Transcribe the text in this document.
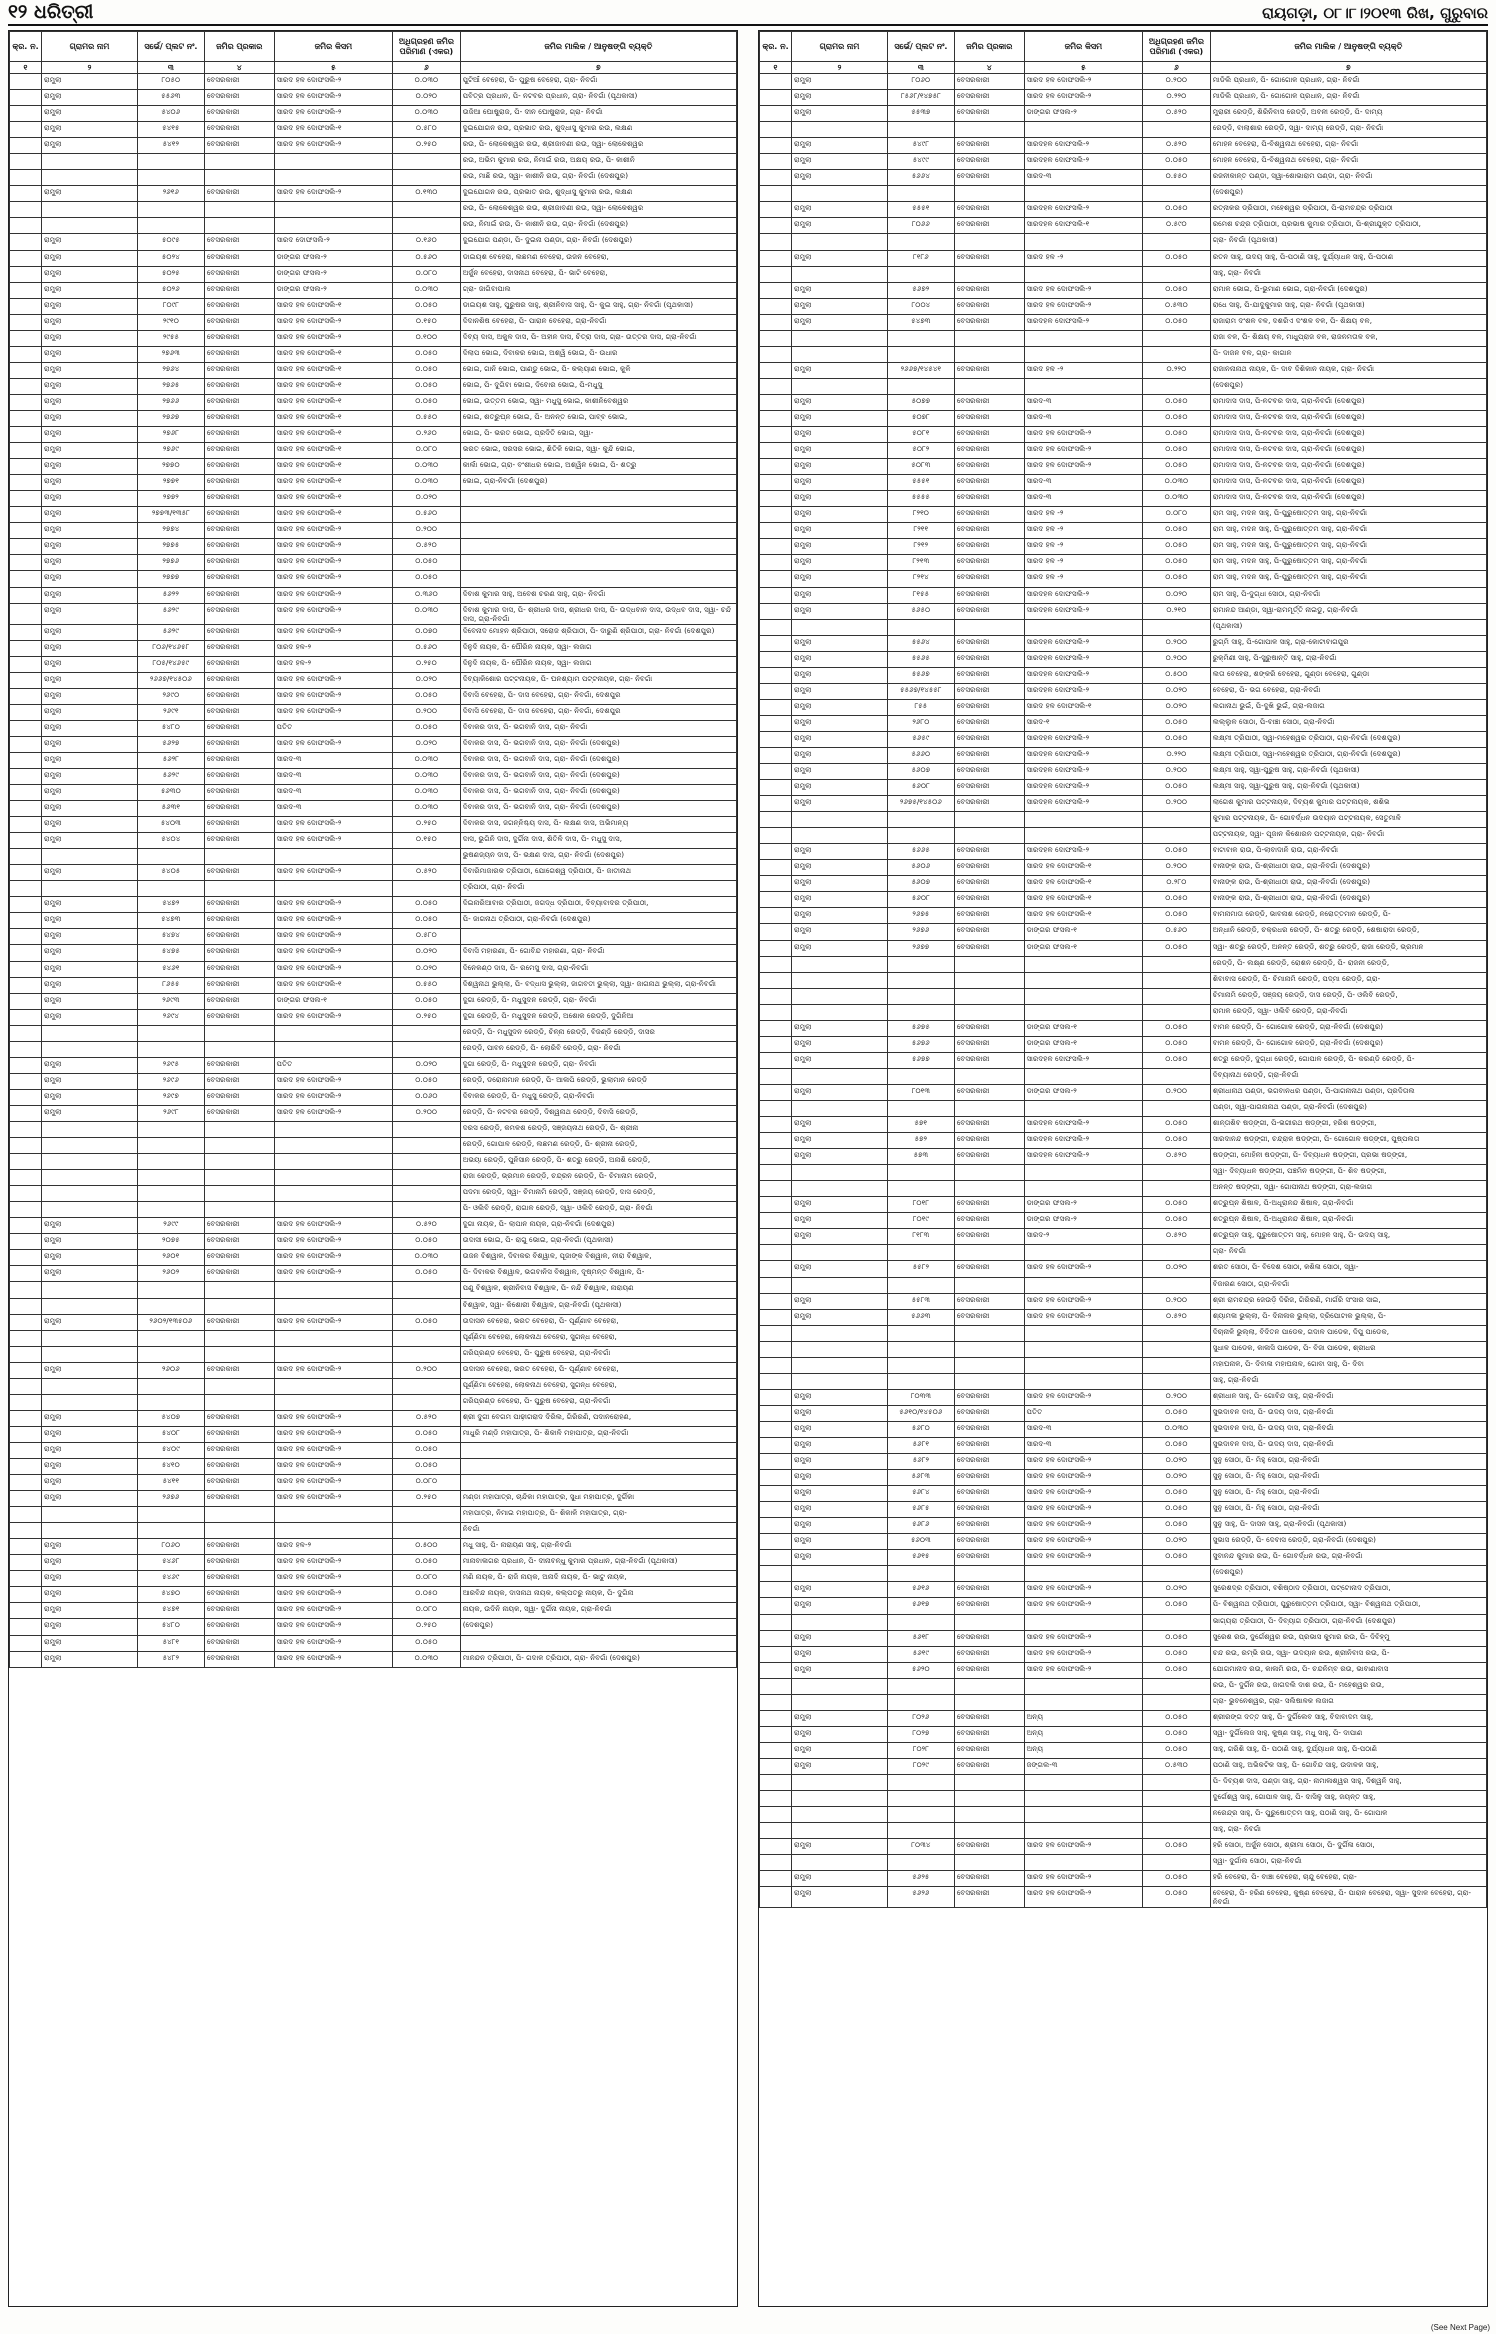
୧୨ ଧରିତ୍ରୀ	ରାୟଗଡ଼ା, ୦୮।୮।୨୦୧୩ ରିଖ, ଗୁରୁବାର
କ୍ର. ନ.	ଗ୍ରାମର ନାମ	ସର୍ଭେ/ ପ୍ଲଟ ନଂ.	ଜମିର ପ୍ରକାର	ଜମିର କିସମ	ଅଧିଗ୍ରହଣ ଜମିର ପରିମାଣ (ଏକର)	ଜମିର ମାଲିକ / ଆନୁଷଙ୍ଗି ବ୍ୟକ୍ତି
୧	୨	୩	୪	୫	୬	୭
	ରାମୁଲା	୮୦୫୦	ବେସରକାରୀ	ସାରଦ ହଳ ଦୋଫସଲି-୨	୦.୦୩୦	ପୁଟିଆଁ ବେହେରା, ପି- ପୁରୁଷ ବେହେରା, ଗ୍ରା- ନିବଗାଁ
	ରାମୁଲା	୫୫୬୩	ବେସରକାରୀ	ସାରଦ ହଳ ଦୋଫସଲି-୨	୦.୦୨୦	ପବିତ୍ର ପ୍ରଧାନ, ପି- ନଟବର ପ୍ରଧାନ, ଗ୍ରା- ନିବଗାଁ (ପୃଥକାସୀ)
	ରାମୁଲା	୫୪୦୬	ବେସରକାରୀ	ସାରଦ ହଳ ଦୋଫସଲି-୨	୦.୦୩୦	ଉଜିଆ ଘୋଷୁରାଜ, ପି- ଦୀନ ଘୋଷୁରାଜ, ଗ୍ରା- ନିବଗାଁ
	ରାମୁଲା	୫୪୧୫	ବେସରକାରୀ	ସାରଦ ହଳ ଦୋଫସଲି-୧	୦.୫୮୦	ଦୁଇଯୋଗନ ରଉ, ପ୍ରଭାତ ରଉ, ଶୁଦ୍ଧାସୁ କୁମାର ରଉ, ଲକ୍ଷଣ
	ରାମୁଲା	୫୪୧୨	ବେସରକାରୀ	ସାରଦ ହଳ ଦୋଫସଲି-୨	୦.୨୫୦	ରଉ, ପି- ଲୋକେଶ୍ୱର ରଉ, ଶ୍ରୀଜାବଣୀ ରଉ, ସ୍ୱା- ଲୋକେଶ୍ୱର
						ରଉ, ଅଭିମ କୁମାର ରଉ, ନିମାଇଁ ରଉ, ଅକ୍ଷୟ ରଉ, ପି- କାଶୀନି
						ରଉ, ମାଛି ରଉ, ସ୍ୱା- କାଶୀନି ରଉ, ଗ୍ରା- ନିବଗାଁ (ଦେଶପୁର)
	ରାମୁଲା	୨୬୧୬	ବେସରକାରୀ	ସାରଦ ହଳ ଦୋଫସଲି-୨	୦.୧୩୦	ଦୁଇଯୋଗନ ରଉ, ପ୍ରଭାତ ରଉ, ଶୁଦ୍ଧାସୁ କୁମାର ରଉ, ଲକ୍ଷଣ
						ରଉ, ପି- ଲୋକେଶ୍ୱର ରଉ, ଶ୍ରୀଜାବଣୀ ରଉ, ସ୍ୱା- ଲୋକେଶ୍ୱର
						ରଉ, ନିମାଇଁ ରଉ, ପି- କାଶୀନି ରଉ, ଗ୍ରା- ନିବଗାଁ (ଦେଶପୁର)
	ରାମୁଲା	୫୦୯୫	ବେସରକାରୀ	ସାରଦ ଦୋଫସଲି-୨	୦.୧୬୦	ଦୁଇଯୋଗ ପଣ୍ଡା, ପି- ଦୁଇନା ପଣ୍ଡା, ଗ୍ରା- ନିବଗାଁ (ଦେଶପୁର)
	ରାମୁଲା	୫୦୨୪	ବେସରକାରୀ	ଡାଙ୍ଗର ଫସଲ-୨	୦.୫୬୦	ଡାଇୟଶ ବେହେରା, ଲଛମଣ ବେହେରା, ଉଜନ ବେହେରା,
	ରାମୁଲା	୫୦୨୫	ବେସରକାରୀ	ଡାଙ୍ଗର ଫସଲ-୨	୦.୦୮୦	ଅର୍ଜୁନ ବେହେରା, ଦାସନାଥ ବେହେରା, ପି- ଭାଟି ବେହେରା,
	ରାମୁଲା	୫୦୨୬	ବେସରକାରୀ	ଡାଙ୍ଗର ଫସଲ-୨	୦.୦୩୦	ଗ୍ରା- ଜାଗିବାପାଲ
	ରାମୁଲା	୮୦୯୮	ବେସରକାରୀ	ସାରଦ ହଳ ଦୋଫସଲି-୧	୦.୦୫୦	ଡାଇୟଶ ସାହୁ, ପୁରୁଷର ସାହୁ, ଶ୍ରୀନିବାସ ସାହୁ, ପି- କୁଇ ସାହୁ, ଗ୍ରା- ନିବଗାଁ (ପୃଥକାସୀ)
	ରାମୁଲା	୨୯୧୦	ବେସରକାରୀ	ସାରଦ ହଳ ଦୋଫସଲି-୨	୦.୧୫୦	ଦିଦାନଶିଷ ବେହେରା, ପି- ପାରାନ ବେହେରା, ଗ୍ରା-ନିବଗାଁ
	ରାମୁଲା	୨୯୫୫	ବେସରକାରୀ	ସାରଦ ହଳ ଦୋଫସଲି-୨	୦.୧୦୦	ଦିବ୍ୟ ଦାସ, ଅକୁଳ ଦାସ, ପି- ଅହୀନ ଦାସ, ଚିତ୍ରା ଦାସ, ଗ୍ରା- ଉତ୍ତର ଦାସ, ଗ୍ରା-ନିବଗାଁ
	ରାମୁଲା	୨୭୬୩	ବେସରକାରୀ	ସାରଦ ହଳ ଦୋଫସଲି-୧	୦.୦୫୦	ଦିଲାପ ଭୋଇ, ଦିବାକର ଭୋଇ, ଅଶ୍ୱି ଭୋଇ, ପି- ଉଧାର
	ରାମୁଲା	୨୭୬୪	ବେସରକାରୀ	ସାରଦ ହଳ ଦୋଫସଲି-୧	୦.୦୫୦	ଭୋଇ, ଗାନି ଭୋଇ, ପାଣ୍ଡୁ ଭୋଇ, ପି- କଲ୍ୟାଣ ଭୋଇ, କୁଳି
	ରାମୁଲା	୨୭୬୫	ବେସରକାରୀ	ସାରଦ ହଳ ଦୋଫସଲି-୧	୦.୦୫୦	ଭୋଇ, ପି- ଦୁଗିବା ଭୋଇ, ଦିବୋର ଭୋଇ, ପି-ମଧୁସୁ
	ରାମୁଲା	୨୭୬୬	ବେସରକାରୀ	ସାରଦ ହଳ ଦୋଫସଲି-୧	୦.୦୫୦	ଭୋଇ, ଉତ୍ତମ ଭୋଇ, ସ୍ୱା- ମଧୁସୁ ଭୋଇ, କାଶୀନିବେଶ୍ୱର
	ରାମୁଲା	୨୭୬୭	ବେସରକାରୀ	ସାରଦ ହଳ ଦୋଫସଲି-୧	୦.୫୫୦	ଭୋଇ, ଶତ୍ରୁଘ୍ନ ଭୋଇ, ପି- ଅନନ୍ତ ଭୋଇ, ପାବ୍ବ ଭୋଇ,
	ରାମୁଲା	୨୭୬୮	ବେସରକାରୀ	ସାରଦ ହଳ ଦୋଫସଲି-୧	୦.୨୬୦	ଭୋଇ, ପି- ଭରତ ଭୋଇ, ପ୍ରଦିତି ଭୋଇ, ସ୍ୱା-
	ରାମୁଲା	୨୭୬୯	ବେସରକାରୀ	ସାରଦ ହଳ ଦୋଫସଲି-୧	୦.୦୮୦	ଭରତ ଭୋଇ, ସରସର ଭୋଇ, ଶିତିଳି ଭୋଇ, ସ୍ୱା- କୁନ୍ଦି ଭୋଇ,
	ରାମୁଲା	୨୭୭୦	ବେସରକାରୀ	ସାରଦ ହଳ ଦୋଫସଲି-୧	୦.୦୩୦	କାଲାଁ ଭୋଇ, ଗ୍ରା- ବଂଶୀଧର ଭୋଇ, ଅଶ୍ୱିନ ଭୋଇ, ପି- ଶତ୍ରୁ
	ରାମୁଲା	୨୭୭୧	ବେସରକାରୀ	ସାରଦ ହଳ ଦୋଫସଲି-୧	୦.୦୩୦	ଭୋଇ, ଗ୍ରା-ନିବଗାଁ (ଦେଶପୁର)
	ରାମୁଲା	୨୭୭୨	ବେସରକାରୀ	ସାରଦ ହଳ ଦୋଫସଲି-୧	୦.୦୨୦	
	ରାମୁଲା	୨୭୭୩/୧୩୫୮	ବେସରକାରୀ	ସାରଦ ହଳ ଦୋଫସଲି-୧	୦.୫୬୦	
	ରାମୁଲା	୨୭୭୪	ବେସରକାରୀ	ସାରଦ ହଳ ଦୋଫସଲି-୨	୦.୨୦୦	
	ରାମୁଲା	୨୭୭୫	ବେସରକାରୀ	ସାରଦ ହଳ ଦୋଫସଲି-୨	୦.୫୨୦	
	ରାମୁଲା	୨୭୭୬	ବେସରକାରୀ	ସାରଦ ହଳ ଦୋଫସଲି-୨	୦.୦୫୦	
	ରାମୁଲା	୨୭୭୭	ବେସରକାରୀ	ସାରଦ ହଳ ଦୋଫସଲି-୨	୦.୦୫୦	
	ରାମୁଲା	୫୬୨୨	ବେସରକାରୀ	ସାରଦ ହଳ ଦୋଫସଲି-୨	୦.୩୬୦	ଦିବାଶ କୁମାର ସାହୁ, ଅବେଶ ଚରଣ ସାହୁ, ଗ୍ରା- ନିବଗାଁ
	ରାମୁଲା	୫୬୨୯	ବେସରକାରୀ	ସାରଦ ହଳ ଦୋଫସଲି-୨	୦.୦୩୦	ଦିବାଶ କୁମାର ଦାସ, ପି- ଶ୍ରୀଧର ଦାସ, ଶ୍ରୀଧର ଦାସ, ପି- ଉଦ୍ଧବାନ ଦାସ, ଉଦ୍ଧବ ଦାସ, ସ୍ୱା- ଚନ୍ଦି ଦାସ, ଗ୍ରା-ନିବଗାଁ
	ରାମୁଲା	୫୬୨୯	ବେସରକାରୀ	ସାରଦ ହଳ ଦୋଫସଲି-୨	୦.୦୭୦	ଦିବେନାଦ ମୋହନ ଶ୍ରିପାଠୀ, ସରୋଜ ଶ୍ରିପାଠୀ, ପି- ଦାରୁଣି ଶ୍ରିପାଠୀ, ଗ୍ରା- ନିବଗାଁ (ଦେଶପୁର)
	ରାମୁଲା	୮୦୬/୧୪୬୫୮	ବେସରକାରୀ	ସାରଦ ହଳ-୨	୦.୫୬୦	ଦିନୁଦି ନାୟକ, ପି- ଘୌରିନ ନାୟକ, ସ୍ୱା- ଲଜାଗ
	ରାମୁଲା	୮୦୫/୧୪୬୫୯	ବେସରକାରୀ	ସାରଦ ହଳ-୨	୦.୨୫୦	ଦିନୁଦି ନାୟକ, ପି- ଘୌରିନ ନାୟକ, ସ୍ୱା- ଲଜାଗ
	ରାମୁଲା	୨୬୬୭/୧୪୫୦୬	ବେସରକାରୀ	ସାରଦ ହଳ ଦୋଫସଲି-୨	୦.୦୨୦	ଦିବ୍ୟାକିଶୋର ପଟ୍ଟନାୟକ, ପି- ଘନଶ୍ୟାମ ପଟ୍ଟନାୟକ, ଗ୍ରା- ନିବଗାଁ
	ରାମୁଲା	୨୬୯୦	ବେସରକାରୀ	ସାରଦ ହଳ ଦୋଫସଲି-୨	୦.୦୫୦	ଦିବାସି ବେହେରା, ପି- ଦାସ ବେହେରା, ଗ୍ରା- ନିବଗାଁ, ଦେଶପୁର
	ରାମୁଲା	୨୬୯୧	ବେସରକାରୀ	ସାରଦ ହଳ ଦୋଫସଲି-୨	୦.୨୦୦	ଦିବାସି ବେହେରା, ପି- ଦାସ ବେହେରା, ଗ୍ରା- ନିବଗାଁ, ଦେଶପୁର
	ରାମୁଲା	୫୪୮୦	ବେସରକାରୀ	ପତିତ	୦.୦୫୦	ଦିବାକର ଦାସ, ପି- ଭଗବାନି ଦାସ, ଗ୍ରା- ନିବଗାଁ
	ରାମୁଲା	୫୬୨୭	ବେସରକାରୀ	ସାରଦ ହଳ ଦୋଫସଲି-୨	୦.୦୨୦	ଦିବାକର ଦାସ, ପି- ଭଗବାନି ଦାସ, ଗ୍ରା- ନିବଗାଁ (ଦେଶପୁର)
	ରାମୁଲା	୫୬୨୮	ବେସରକାରୀ	ସାରଦ-୩	୦.୦୩୦	ଦିବାକର ଦାସ, ପି- ଭଗବାନି ଦାସ, ଗ୍ରା- ନିବଗାଁ (ଦେଶପୁର)
	ରାମୁଲା	୫୬୨୯	ବେସରକାରୀ	ସାରଦ-୩	୦.୦୩୦	ଦିବାକର ଦାସ, ପି- ଭଗବାନି ଦାସ, ଗ୍ରା- ନିବଗାଁ (ଦେଶପୁର)
	ରାମୁଲା	୫୬୩୦	ବେସରକାରୀ	ସାରଦ-୩	୦.୦୩୦	ଦିବାକର ଦାସ, ପି- ଭଗବାନି ଦାସ, ଗ୍ରା- ନିବଗାଁ (ଦେଶପୁର)
	ରାମୁଲା	୫୬୩୧	ବେସରକାରୀ	ସାରଦ-୩	୦.୦୩୦	ଦିବାକର ଦାସ, ପି- ଭଗବାନି ଦାସ, ଗ୍ରା- ନିବଗାଁ (ଦେଶପୁର)
	ରାମୁଲା	୫୪୦୩	ବେସରକାରୀ	ସାରଦ ହଳ ଦୋଫସଲି-୨	୦.୨୫୦	ଦିବାକର ଦାସ, ଜଗନ୍ନିଶ୍ଚୟ ଦାସ, ପି- ଲକ୍ଷଣ ଦାସ, ଅଭିମାନ୍ୟ
	ରାମୁଲା	୫୪୦୪	ବେସରକାରୀ	ସାରଦ ହଳ ଦୋଫସଲି-୨	୦.୧୫୦	ଦାସ, ଭୁଗିନି ଦାସ, ଦୁର୍ଗିନା ଦାସ, ଶିତିଳି ଦାସ, ପି- ମଧୁସୁ ଦାସ,
						ଭୁଷଣଜ୍ୟନ ଦାସ, ପି- ଭକ୍ଷଣ ଦାସ, ଗ୍ରା- ନିବଗାଁ (ଦେଶପୁର)
	ରାମୁଲା	୫୪୦୫	ବେସରକାରୀ	ସାରଦ ହଳ ଦୋଫସଲି-୨	୦.୫୨୦	ଦିବାରିମାଜାରକ ତ୍ରିପାଠୀ, ଯୋଗେଶ୍ୱ ଦ୍ରିପାଠୀ, ପି- ଜାତୀନାଥ
						ତ୍ରିପାଠୀ, ଗ୍ରା- ନିବଗାଁ
	ରାମୁଲା	୫୪୭୨	ବେସରକାରୀ	ସାରଦ ହଳ ଦୋଫସଲି-୨	୦.୦୫୦	ଦିଇନାରିଆବାର ତ୍ରିପାଠୀ, ଜଗଦ୍ଧ ଦ୍ରିପାଠୀ, ଦିବ୍ୟାବାଦର ତ୍ରିପାଠୀ,
	ରାମୁଲା	୫୪୭୩	ବେସରକାରୀ	ସାରଦ ହଳ ଦୋଫସଲି-୨	୦.୦୫୦	ପି- ଜାଗନାଥ ତ୍ରିପାଠୀ, ଗ୍ରା-ନିବଗାଁ (ଦେଶପୁର)
	ରାମୁଲା	୫୪୭୪	ବେସରକାରୀ	ସାରଦ ହଳ ଦୋଫସଲି-୨	୦.୫୮୦	
	ରାମୁଲା	୫୪୭୫	ବେସରକାରୀ	ସାରଦ ହଳ ଦୋଫସଲି-୨	୦.୦୨୦	ଦିବାସି ମହାରଣା, ପି- ଗୋବିନ୍ଦ ମହାରଣା, ଗ୍ରା- ନିବଗାଁ
	ରାମୁଲା	୫୪୬୧	ବେସରକାରୀ	ସାରଦ ହଳ ଦୋଫସଲି-୨	୦.୦୨୦	ଦିନେକଣ୍ଠ ଦାସ, ପି- ରମେସୁ ଦାସ, ଗ୍ରା-ନିବଗାଁ
	ରାମୁଲା	୮୬୫୫	ବେସରକାରୀ	ସାରଦ ହଳ ଦୋଫସଲି-୧	୦.୫୫୦	ଦିଶ୍ୱନାଥ ଭୁଲ୍ଲା, ପି- ବଦ୍ଧାସ ଭୁଲ୍ଲା, ଜାଗବତୀ ଭୁଲ୍ଲା, ସ୍ୱା- ଜାଗନାଥ ଭୁଲ୍ଲା, ଗ୍ରା-ନିବଗାଁ
	ରାମୁଲା	୨୬୯୩	ବେସରକାରୀ	ଡାଙ୍ଗର ଫସଲ-୧	୦.୦୫୦	ଦୁଗା ରେଡ୍ଡି, ପି- ମଧୁସୁଦନ ରେଡ୍ଡି, ଗ୍ରା- ନିବଗାଁ
	ରାମୁଲା	୨୬୯୪	ବେସରକାରୀ	ସାରଦ ହଳ ଦୋଫସଲି-୨	୦.୨୫୦	ଦୁଗା ରେଡ୍ଡି, ପି- ମଧୁସୁଦନ ରେଡ୍ଡି, ଅଶୋକ ରେଡ୍ଡି, ଦୁଗିନିଆ
						ରେଡ୍ଡି, ପି- ମଧୁସୁଦନ ରେଡ୍ଡି, ଚିନ୍ନା ରେଡ୍ଡି, ବିଜଣ୍ଡି ରେଡ୍ଡି, ଦାସର
						ରେଡ୍ଡି, ପାବନ ରେଡ୍ଡି, ପି- ଲୋରିବି ରେଡ୍ଡି, ଗ୍ରା- ନିବଗାଁ
	ରାମୁଲା	୨୬୯୫	ବେସରକାରୀ	ପତିତ	୦.୦୨୦	ଦୁଗା ରେଡ୍ଡି, ପି- ମଧୁସୁଦନ ରେଡ୍ଡି, ଗ୍ରା- ନିବଗାଁ
	ରାମୁଲା	୨୬୯୬	ବେସରକାରୀ	ସାରଦ ହଳ ଦୋଫସଲି-୨	୦.୦୫୦	ରେଡ୍ଡି, ଡରୋନାମାନ ରେଡ୍ଡି, ପି- ଆଳାପି ରେଡ୍ଡି, ଭୁଲାମାନ ରେଡ୍ଡି
	ରାମୁଲା	୨୬୯୭	ବେସରକାରୀ	ସାରଦ ହଳ ଦୋଫସଲି-୨	୦.୦୬୦	ଦିବାକର ରେଡ୍ଡି, ପି- ମଧୁସୁ ରେଡ୍ଡି, ଗ୍ରା-ନିବଗାଁ
	ରାମୁଲା	୨୬୯୮	ବେସରକାରୀ	ସାରଦ ହଳ ଦୋଫସଲି-୨	୦.୨୦୦	ରେଡ୍ଡି, ପି- ନଟବର ରେଡ୍ଡି, ଦିଶ୍ୱନାଥ ରେଡ୍ଡି, ଦିବାସି ରେଡ୍ଡି,
						ଦରସ ରେଡ୍ଡି, କମଳଶ ରେଡ୍ଡି, ସଞ୍ଜୟନାଥ ରେଡ୍ଡି, ପି- ଶ୍ରୀନା
						ରେଡ୍ଡି, ଗୋପାଳ ରେଡ୍ଡି, ଲଛମଣ ରେଡ୍ଡି, ପି- ଶ୍ରୀନା ରେଡ୍ଡି,
						ଅଭୟା ରେଡ୍ଡି, ପୁନିସାନ ରେଡ୍ଡି, ପି- ଶତ୍ରୁ ରେଡ୍ଡି, ଅନାଶି ରେଡ୍ଡି,
						ରାଜା ରେଡ୍ଡି, ଭ୍ରମାନ ରେଡ୍ଡି, ଚନ୍ଦ୍ରନ ରେଡ୍ଡି, ପି- ଚିମାନାମ ରେଡ୍ଡି,
						ପଦମା ରେଡ୍ଡି, ସ୍ୱା- ଚିମାନାମି ରେଡ୍ଡି, ସଞ୍ଜୟ ରେଡ୍ଡି, ଦାସ ରେଡ୍ଡି,
						ପି- ଓଲିବି ରେଡ୍ଡି, ରାଗାଳ ରେଡ୍ଡି, ସ୍ୱା- ଓଲିବି ରେଡ୍ଡି, ଗ୍ରା- ନିବଗାଁ
	ରାମୁଲା	୨୬୯୯	ବେସରକାରୀ	ସାରଦ ହଳ ଦୋଫସଲି-୨	୦.୫୨୦	ଦୁଗା ନାୟକ, ପି- ଲାପାନ ନାୟକ, ଗ୍ରା-ନିବଗାଁ (ଦେଶପୁର)
	ରାମୁଲା	୨୦୭୫	ବେସରକାରୀ	ସାରଦ ହଳ ଦୋଫସଲି-୨	୦.୦୫୦	ଉଦାସୀ ଭୋଇ, ପି- ରାଗୁ ଭୋଇ, ଗ୍ରା-ନିବଗାଁ (ପୃଥକାସୀ)
	ରାମୁଲା	୨୬୦୧	ବେସରକାରୀ	ସାରଦ ହଳ ଦୋଫସଲି-୨	୦.୦୩୦	ଉଜନ ବିଶ୍ୱାଳ, ଦିବାକର ବିଶ୍ୱାଳ, ପୂଜାଙ୍କ ବିଶ୍ୱାଳ, ନୀରା ବିଶ୍ୱାଳ,
	ରାମୁଲା	୨୬୦୨	ବେସରକାରୀ	ସାରଦ ହଳ ଦୋଫସଲି-୨	୦.୦୫୦	ପି- ଦିବାକର ବିଶ୍ୱାଳ, ଭଗବାନିସ ବିଶ୍ୱାଳ, ଦୂଷ୍ମନ୍ତ ବିଶ୍ୱାଳ, ପି-
						ପଣୁ ବିଶ୍ୱାଳ, ଶ୍ରୀନିବାସ ବିଶ୍ୱାଳ, ପି- ନନ୍ଦି ବିଶ୍ୱାଳ, ନାରାୟଣ
						ବିଶ୍ୱାଳ, ସ୍ୱା- କିଶୋରୀ ବିଶ୍ୱାଳ, ଗ୍ରା-ନିବଗାଁ (ପୃଥକାସୀ)
	ରାମୁଲା	୨୬୦୨/୧୩୫୦୬	ବେସରକାରୀ	ସାରଦ ହଳ ଦୋଫସଲି-୨	୦.୦୫୦	ଉଦାସନ ବେହେରା, ଭରତ ବେହେରା, ପି- ପୂର୍ଣ୍ଣାବ ବେହେରା,
						ପୂର୍ଣ୍ଣିମା ବେହେରା, ଲୋକନାଥ ବେହେରା, ସୁଗନ୍ଧ ବେହେରା,
						ଗରିପ୍ରଣ୍ଡ ବେହେରା, ପି- ପୁରୁଷ ବେହେରା, ଗ୍ରା-ନିବଗାଁ
	ରାମୁଲା	୨୬୦୬	ବେସରକାରୀ	ସାରଦ ହଳ ଦୋଫସଲି-୨	୦.୨୦୦	ଉଦାସନ ବେହେରା, ଭରତ ବେହେରା, ପି- ପୂର୍ଣ୍ଣାବ ବେହେରା,
						ପୂର୍ଣ୍ଣିମା ବେହେରା, ଲୋକନାଥ ବେହେରା, ସୁଗନ୍ଧ ବେହେରା,
						ଗରିପ୍ରଣ୍ଡ ବେହେରା, ପି- ପୁରୁଷ ବେହେରା, ଗ୍ରା-ନିବଗାଁ
	ରାମୁଲା	୫୪୦୭	ବେସରକାରୀ	ସାରଦ ହଳ ଦୋଫସଲି-୨	୦.୫୨୦	ଶ୍ରୀ ଦୁଗୀ ବେଗମ ପାଢ଼ୀଗରାଦ ଦିରିଲ, ଗିରିରଣି, ପଦାନରୋହଣ,
	ରାମୁଲା	୫୪୦୮	ବେସରକାରୀ	ସାରଦ ହଳ ଦୋଫସଲି-୨	୦.୦୫୦	ମାଧୁରି ମଣ୍ଡି ମହାପାତ୍ର, ପି- ଶିକାଳି ମହାପାତ୍ର, ଗ୍ରା-ନିବଗାଁ
	ରାମୁଲା	୫୪୦୯	ବେସରକାରୀ	ସାରଦ ହଳ ଦୋଫସଲି-୨	୦.୦୫୦	
	ରାମୁଲା	୫୪୧୦	ବେସରକାରୀ	ସାରଦ ହଳ ଦୋଫସଲି-୨	୦.୦୫୦	
	ରାମୁଲା	୫୪୧୧	ବେସରକାରୀ	ସାରଦ ହଳ ଦୋଫସଲି-୨	୦.୦୮୦	
	ରାମୁଲା	୨୬୭୬	ବେସରକାରୀ	ସାରଦ ହଳ ଦୋଫସଲି-୨	୦.୨୫୦	ମଣ୍ଡା ମହାପାତ୍ର, ଚାନ୍ଦିକା ମହାପାତ୍ର, ସୁଧା ମହାପାତ୍ର, ଦୁର୍ଗିକା
						ମହାପାତ୍ର, ନିମାଇ ମହାପାତ୍ର, ପି- ଶିକାଳି ମହାପାତ୍ର, ଗ୍ରା-
						ନିବଗାଁ
	ରାମୁଲା	୮୦୬୦	ବେସରକାରୀ	ସାରଦ ହଳ-୨	୦.୫୦୦	ମଧୁ ସାହୁ, ପି- ନାରାୟଣ ସାହୁ, ଗ୍ରା-ନିବଗାଁ
	ରାମୁଲା	୫୪୬୮	ବେସରକାରୀ	ସାରଦ ହଳ ଦୋଫସଲି-୨	୦.୦୫୦	ମାନାବାଳାଗର ପ୍ରଧାନ, ପି- ଦୀନାବନ୍ଧୁ କୁମାର ପ୍ରଧାନ, ଗ୍ରା-ନିବଗାଁ (ପୃଥକାସୀ)
	ରାମୁଲା	୫୪୬୯	ବେସରକାରୀ	ସାରଦ ହଳ ଦୋଫସଲି-୨	୦.୦୮୦	ମଣି ନାୟକ, ପି- ରାଜି ନାୟକ, ଅନାଦି ନାୟକ, ପି- ଭାଟୁ ନାୟକ,
	ରାମୁଲା	୫୪୭୦	ବେସରକାରୀ	ସାରଦ ହଳ ଦୋଫସଲି-୨	୦.୦୫୦	ଆରବିନ୍ଦ ନାୟକ, ଦାସନାଥ ନାୟକ, କଲ୍ପତରୁ ନାୟକ, ପି- ଦୁଗିନା
	ରାମୁଲା	୫୪୭୧	ବେସରକାରୀ	ସାରଦ ହଳ ଦୋଫସଲି-୨	୦.୦୮୦	ନାୟକ, ଉଦିନି ନାୟକ, ସ୍ୱା- ଦୁର୍ଗିନା ନାୟକ, ଗ୍ରା-ନିବଗାଁ
	ରାମୁଲା	୫୪୮୦	ବେସରକାରୀ	ସାରଦ ହଳ ଦୋଫସଲି-୨	୦.୨୫୦	(ଦେଶପୁର)
	ରାମୁଲା	୫୪୮୧	ବେସରକାରୀ	ସାରଦ ହଳ ଦୋଫସଲି-୨	୦.୦୫୦	
	ରାମୁଲା	୫୪୮୨	ବେସରକାରୀ	ସାରଦ ହଳ ଦୋଫସଲି-୨	୦.୦୩୦	ମାନନ୍ଦନ ତ୍ରିପାଠୀ, ପି- ଗଦାଳ ତ୍ରିପାଠୀ, ଗ୍ରା- ନିବଗାଁ (ଦେଶପୁର)
କ୍ର. ନ.	ଗ୍ରାମର ନାମ	ସର୍ଭେ/ ପ୍ଲଟ ନଂ.	ଜମିର ପ୍ରକାର	ଜମିର କିସମ	ଅଧିଗ୍ରହଣ ଜମିର ପରିମାଣ (ଏକର)	ଜମିର ମାଲିକ / ଆନୁଷଙ୍ଗି ବ୍ୟକ୍ତି
୧	୨	୩	୪	୫	୬	୭
	ରାମୁଲା	୮୦୬୦	ବେସରକାରୀ	ସାରଦ ହଳ ଦୋଫସଲି-୨	୦.୨୦୦	ମାଡିଲି ପ୍ରଧାନ, ପି- ଗୋଗୋଳ ପ୍ରଧାନ, ଗ୍ରା- ନିବଗାଁ
	ରାମୁଲା	୮୫୬୮/୧୪୭୫୮	ବେସରକାରୀ	ସାରଦ ହଳ ଦୋଫସଲି-୨	୦.୨୨୦	ମାଡିଲି ପ୍ରଧାନ, ପି- ଗୋଗୋଳ ପ୍ରଧାନ, ଗ୍ରା- ନିବଗାଁ
	ରାମୁଲା	୫୫୩୭	ବେସରକାରୀ	ଡାଙ୍ଗର ଫସଲ-୨	୦.୫୨୦	ମୁରାରୀ ରେଡ୍ଡି, ଶିରିନିବାସ ରେଡ୍ଡି, ଅବନୀ ରେଡ୍ଡି, ପି- ଦାମ୍ୟ
						ରେଡ୍ଡି, ବାଲାଶାର ରେଡ୍ଡି, ସ୍ୱା- ଦାମ୍ୟ ରେଡ୍ଡି, ଗ୍ରା- ନିବଗାଁ
	ରାମୁଲା	୫୪୯୮	ବେସରକାରୀ	ସାରଦହଳ ଦୋଫସଲି-୨	୦.୫୨୦	ମୋହନ ବେହେରା, ପି-ବିଶ୍ୱନାଥ ବେହେରା, ଗ୍ରା- ନିବଗାଁ
	ରାମୁଲା	୫୪୯୯	ବେସରକାରୀ	ସାରଦହଳ ଦୋଫସଲି-୨	୦.୦୫୦	ମୋହନ ବେହେରା, ପି-ବିଶ୍ୱନାଥ ବେହେରା, ଗ୍ରା- ନିବଗାଁ
	ରାମୁଲା	୫୬୬୪	ବେସରକାରୀ	ସାରଦ-୩	୦.୫୫୦	ରଜନୀକାନ୍ତ ପଣ୍ଡା, ସ୍ୱା-ଶୋଭାରାମ ପଣ୍ଡା, ଗ୍ରା- ନିବଗାଁ
						(ଦେଶପୁର)
	ରାମୁଲା	୫୫୫୧	ବେସରକାରୀ	ସାରଦହଳ ଦୋଫସଲି-୨	୦.୦୫୦	ରତ୍ନାକର ଡ୍ରିପାଠୀ, ମହେଶ୍ୱର ଡ୍ରିପାଠୀ, ପି-ରାମଚନ୍ଦ୍ର ଡ୍ରିପାଠୀ
	ରାମୁଲା	୮୦୬୬	ବେସରକାରୀ	ସାରଦହଳ ଦୋଫସଲି-୧	୦.୫୯୦	ରମେଶ ଚନ୍ଦ୍ର ତ୍ରିପାଠୀ, ପ୍ରଭାଷ କୁମାର ତ୍ରିପାଠୀ, ପି-ଶ୍ରୀଯୁକ୍ତ ତ୍ରିପାଠୀ,
						ଗ୍ରା- ନିବଗାଁ (ପୃଥକାସୀ)
	ରାମୁଲା	୮୧୮୬	ବେସରକାରୀ	ସାରଦ ହଳ -୨	୦.୦୫୦	ରତନ ସାହୁ, ଉଦୟ ସାହୁ, ପି-ପଠାଣି ସାହୁ, ଦୁର୍ଯ୍ୟାଧନ ସାହୁ, ପି-ପଠାଣ
						ସାହୁ, ଗ୍ରା- ନିବଗାଁ
	ରାମୁଲା	୫୬୭୨	ବେସରକାରୀ	ସାରଦ ହଳ ଦୋଫସଲି-୨	୦.୦୫୦	ରାମାଳ ଭୋଇ, ପି-ଭୁମାଣ ଭୋଇ, ଗ୍ରା-ନିବଗାଁ (ଦେଶପୁର)
	ରାମୁଲା	୮୦୦୪	ବେସରକାରୀ	ସାରଦ ହଳ ଦୋଫସଲି-୨	୦.୫୩୦	ରାଧେ ସାହୁ, ପି-ଯାଦୁକୁମାର ସାହୁ, ଗ୍ରା- ନିବଗାଁ (ପୃଥକାସୀ)
	ରାମୁଲା	୫୪୭୩	ବେସରକାରୀ	ସାରଦହଳ ଦୋଫସଲି-୨	୦.୦୫୦	ରାଜାରାମ ଦଂଶଳ ବଳ, ଦଶରିଏ ଦଂଶଳ ବଳ, ପି- ଶିକ୍ଷୟ ବଳ,
						ରାଜା ବଳ, ପି- ଶିକ୍ଷୟ ବଳ, ମାଧୁପ୍ରାଜ ବଳ, ରାଜନମତାଳ ବଳ,
						ପି- ଦାଜନ ବଳ, ଗ୍ରା- କାଗାନ
	ରାମୁଲା	୨୬୬୭/୧୪୫୪୧	ବେସରକାରୀ	ସାରଦ ହଳ -୨	୦.୨୨୦	ରାଜାନନାନାଥ ନାୟକ, ପି- ଦାବ ଦିଶିକାନ ନାୟକ, ଗ୍ରା- ନିବଗାଁ
						(ଦେଶପୁର)
	ରାମୁଲା	୫୦୭୭	ବେସରକାରୀ	ସାରଦ-୩	୦.୦୫୦	ରାମାଦାସ ଦାସ, ପି-ନଟବର ଦାସ, ଗ୍ରା-ନିବଗାଁ (ଦେଶପୁର)
	ରାମୁଲା	୫୦୭୮	ବେସରକାରୀ	ସାରଦ-୩	୦.୦୫୦	ରାମାଦାସ ଦାସ, ପି-ନଟବର ଦାସ, ଗ୍ରା-ନିବଗାଁ (ଦେଶପୁର)
	ରାମୁଲା	୫୦୮୧	ବେସରକାରୀ	ସାରଦ ହଳ ଦୋଫସଲି-୨	୦.୦୫୦	ରାମାଦାସ ଦାସ, ପି-ନଟବର ଦାସ, ଗ୍ରା-ନିବଗାଁ (ଦେଶପୁର)
	ରାମୁଲା	୫୦୮୨	ବେସରକାରୀ	ସାରଦ ହଳ ଦୋଫସଲି-୨	୦.୦୫୦	ରାମାଦାସ ଦାସ, ପି-ନଟବର ଦାସ, ଗ୍ରା-ନିବଗାଁ (ଦେଶପୁର)
	ରାମୁଲା	୫୦୮୩	ବେସରକାରୀ	ସାରଦ ହଳ ଦୋଫସଲି-୨	୦.୦୫୦	ରାମାଦାସ ଦାସ, ପି-ନଟବର ଦାସ, ଗ୍ରା-ନିବଗାଁ (ଦେଶପୁର)
	ରାମୁଲା	୫୫୫୧	ବେସରକାରୀ	ସାରଦ-୩	୦.୦୩୦	ରାମାଦାସ ଦାସ, ପି-ନଟବର ଦାସ, ଗ୍ରା-ନିବଗାଁ (ଦେଶପୁର)
	ରାମୁଲା	୫୫୫୫	ବେସରକାରୀ	ସାରଦ-୩	୦.୦୩୦	ରାମାଦାସ ଦାସ, ପି-ନଟବର ଦାସ, ଗ୍ରା-ନିବଗାଁ (ଦେଶପୁର)
	ରାମୁଲା	୮୨୧୦	ବେସରକାରୀ	ସାରଦ ହଳ -୨	୦.୦୮୦	ରାମ ସାହୁ, ମଦନ ସାହୁ, ପି-ପୁରୁଷୋତ୍ତମ ସାହୁ, ଗ୍ରା-ନିବଗାଁ
	ରାମୁଲା	୮୨୧୧	ବେସରକାରୀ	ସାରଦ ହଳ -୨	୦.୦୫୦	ରାମ ସାହୁ, ମଦନ ସାହୁ, ପି-ପୁରୁଷୋତ୍ତମ ସାହୁ, ଗ୍ରା-ନିବଗାଁ
	ରାମୁଲା	୮୨୧୨	ବେସରକାରୀ	ସାରଦ ହଳ -୨	୦.୦୫୦	ରାମ ସାହୁ, ମଦନ ସାହୁ, ପି-ପୁରୁଷୋତ୍ତମ ସାହୁ, ଗ୍ରା-ନିବଗାଁ
	ରାମୁଲା	୮୨୧୩	ବେସରକାରୀ	ସାରଦ ହଳ -୨	୦.୦୫୦	ରାମ ସାହୁ, ମଦନ ସାହୁ, ପି-ପୁରୁଷୋତ୍ତମ ସାହୁ, ଗ୍ରା-ନିବଗାଁ
	ରାମୁଲା	୮୨୧୪	ବେସରକାରୀ	ସାରଦ ହଳ -୨	୦.୦୫୦	ରାମ ସାହୁ, ମଦନ ସାହୁ, ପି-ପୁରୁଷୋତ୍ତମ ସାହୁ, ଗ୍ରା-ନିବଗାଁ
	ରାମୁଲା	୮୧୫୫	ବେସରକାରୀ	ସାରଦହଳ ଦୋଫସଲି-୨	୦.୦୨୦	ରାମ ସାହୁ, ପି-ଦୁଗ୍ଧା ସୋଠା, ଗ୍ରା-ନିବଗାଁ
	ରାମୁଲା	୫୬୫୦	ବେସରକାରୀ	ସାରଦହଳ ଦୋଫସଲି-୨	୦.୨୧୦	ରାମାନନ୍ଦ ଆଣ୍ଡା, ସ୍ୱା-ରାମମୂର୍ତ୍ତି ନାଇଡୁ, ଗ୍ରା-ନିବଗାଁ
						(ପୃଥକାସୀ)
	ରାମୁଲା	୫୫୬୪	ବେସରକାରୀ	ସାରଦହଳ ଦୋଫସଲି-୨	୦.୨୦୦	ରୁଗ୍ମି ସାହୁ, ପି-ଗୋପାଳ ସାହୁ, ଗ୍ରା-କୋଟାବାଗପୁର
	ରାମୁଲା	୫୫୬୫	ବେସରକାରୀ	ସାରଦହଳ ଦୋଫସଲି-୨	୦.୨୦୦	ରୁକ୍ମିଣୀ ସାହୁ, ପି-ସୁରୁଷାନ୍ତି ସାହୁ, ଗ୍ରା-ନିବଗାଁ
	ରାମୁଲା	୫୫୬୭	ବେସରକାରୀ	ସାରଦହଳ ଦୋଫସଲି-୨	୦.୫୦୦	ଲତା ବେହେରା, ଶଙ୍କରି ବେହେରା, ଗୁଣ୍ଡା ବେହେରା, ଗୁଣ୍ଡା
	ରାମୁଲା	୫୫୬୭/୧୪୫୫୮	ବେସରକାରୀ	ସାରଦହଳ ଦୋଫସଲି-୨	୦.୦୨୦	ବେହେରା, ପି- ଭଗ ବେହେରା, ଗ୍ରା-ନିବଗାଁ
	ରାମୁଲା	୮୫୫	ବେସରକାରୀ	ସାରଦ ହଳ ଦୋଫସଲି-୧	୦.୦୨୦	ଲଗାନାଥ ଭୁଇଁ, ପି-ଦୁଖି ଭୁଇଁ, ଗ୍ରା-ଲଜାଗ
	ରାମୁଲା	୨୬୮୦	ବେସରକାରୀ	ସାରଦ-୧	୦.୦୫୦	ଲଲ୍ଲୁଳ ସୋଠା, ପି-ବାଞ୍ଚା ସୋଠା, ଗ୍ରା-ନିବଗାଁ
	ରାମୁଲା	୫୬୫୯	ବେସରକାରୀ	ସାରଦହଳ ଦୋଫସଲି-୨	୦.୦୫୦	ଲକ୍ଷ୍ମୀ ତ୍ରିପାଠୀ, ସ୍ୱା-ମହେଶ୍ୱର ତ୍ରିପାଠୀ, ଗ୍ରା-ନିବଗାଁ (ଦେଶପୁର)
	ରାମୁଲା	୫୬୬୦	ବେସରକାରୀ	ସାରଦହଳ ଦୋଫସଲି-୨	୦.୨୨୦	ଲକ୍ଷ୍ମୀ ତ୍ରିପାଠୀ, ସ୍ୱା-ମହେଶ୍ୱର ତ୍ରିପାଠୀ, ଗ୍ରା-ନିବଗାଁ (ଦେଶପୁର)
	ରାମୁଲା	୫୬୦୭	ବେସରକାରୀ	ସାରଦହଳ ଦୋଫସଲି-୨	୦.୨୦୦	ଲକ୍ଷ୍ମୀ ସାହୁ, ସ୍ୱା-ପୁରୁଷ ସାହୁ, ଗ୍ରା-ନିବଗାଁ (ପୃଥକାସୀ)
	ରାମୁଲା	୫୬୦୮	ବେସରକାରୀ	ସାରଦହଳ ଦୋଫସଲି-୨	୦.୦୫୦	ଲକ୍ଷ୍ମୀ ସାହୁ, ସ୍ୱା-ପୁରୁଷ ସାହୁ, ଗ୍ରା-ନିବଗାଁ (ପୃଥକାସୀ)
	ରାମୁଲା	୨୬୭୫/୧୪୫୦୬	ବେସରକାରୀ	ସାରଦହଳ ଦୋଫସଲି-୨	୦.୨୦୦	ଲାଗେଶ କୁମାର ପଟ୍ଟନାୟକ, ଦିବ୍ୟଶ କୁମାର ପଟ୍ଟନାୟକ, ଶଶିଭ
						କୁମାର ପଟ୍ଟନାୟକ, ପି- ଗୋବର୍ଦ୍ଧନ ଉଦୟାନ ପଟ୍ଟନାୟକ, ସେତୁମାଳି
						ପଟ୍ଟନାୟକ, ସ୍ୱା- ପୂଜାନ କିଶୋରନ ପଟ୍ଟନାୟକ, ଗ୍ରା- ନିବଗାଁ
	ରାମୁଲା	୫୬୬୫	ବେସରକାରୀ	ସାରଦହଳ ଦୋଫସଲି-୨	୦.୦୫୦	ବାଟାବାଳ ରାଉ, ପି-ଲାବାଦାନି ରାଉ, ଗ୍ରା-ନିବଗାଁ
	ରାମୁଲା	୫୬୦୬	ବେସରକାରୀ	ସାରଦ ହଳ ଦୋଫସଲି-୧	୦.୨୦୦	ବାନାଙ୍କ ରାଉ, ପି-ଶ୍ରୀଧାଠୀ ରାଉ, ଗ୍ରା-ନିବଗାଁ (ଦେଶପୁର)
	ରାମୁଲା	୫୬୦୭	ବେସରକାରୀ	ସାରଦ ହଳ ଦୋଫସଲି-୧	୦.୨୮୦	ବାନାଙ୍କ ରାଉ, ପି-ଶ୍ରୀଧାଠୀ ରାଉ, ଗ୍ରା-ନିବଗାଁ (ଦେଶପୁର)
	ରାମୁଲା	୫୬୦୮	ବେସରକାରୀ	ସାରଦ ହଳ ଦୋଫସଲି-୧	୦.୦୫୦	ବାନାଙ୍କ ରାଉ, ପି-ଶ୍ରୀଧାଠୀ ରାଉ, ଗ୍ରା-ନିବଗାଁ (ଦେଶପୁର)
	ରାମୁଲା	୨୬୭୫	ବେସରକାରୀ	ସାରଦ ହଳ ଦୋଫସଲି-୧	୦.୦୫୦	ବାମନାମାତା ରେଡ୍ଡି, ଭାବନାଶ ରେଡ୍ଡି, ନରୋତ୍ତମାନ ରେଡ୍ଡି, ପି-
	ରାମୁଲା	୨୬୭୬	ବେସରକାରୀ	ଡାଙ୍ଗର ଫସଲ-୧	୦.୫୬୦	ଅନ୍ଧାନି ରେଡ୍ଡି, ଚକ୍ରଧର ରେଡ୍ଡି, ପି- ଶତ୍ରୁ ରେଡ୍ଡି, ଶେଷାରାଦା ରେଡ୍ଡି,
	ରାମୁଲା	୨୬୭୭	ବେସରକାରୀ	ଡାଙ୍ଗର ଫସଲ-୧	୦.୦୫୦	ସ୍ୱା- ଶତ୍ରୁ ରେଡ୍ଡି, ଅନନ୍ତ ରେଡ୍ଡି, ଶତ୍ରୁ ରେଡ୍ଡି, ରାଜା ରେଡ୍ଡି, ଭ୍ରମାନ
						ରେଡ୍ଡି, ପି- ଲକ୍ଷ୍ଣ ରେଡ୍ଡି, ରୋଶନ ରେଡ୍ଡି, ପି- ରାଜନୀ ରେଡ୍ଡି,
						ଶିବାବାସ ରେଡ୍ଡି, ପି- ଚିମାନାମି ରେଡ୍ଡି, ପଦ୍ମା ରେଡ୍ଡି, ଗ୍ରା-
						ଚିମାନାମି ରେଡ୍ଡି, ସଞ୍ଜୟ ରେଡ୍ଡି, ଦାସ ରେଡ୍ଡି, ପି- ଓଲିବି ରେଡ୍ଡି,
						ରାମାଳ ରେଡ୍ଡି, ସ୍ୱା- ଓଲିବି ରେଡ୍ଡି, ଗ୍ରା-ନିବଗାଁ
	ରାମୁଲା	୫୬୭୫	ବେସରକାରୀ	ଡାଙ୍ଗର ଫସଲ-୧	୦.୦୫୦	ବାମନ ରେଡ୍ଡି, ପି- ଗୋଗୋଳ ରେଡ୍ଡି, ଗ୍ରା-ନିବଗାଁ (ଦେଶପୁର)
	ରାମୁଲା	୫୬୭୬	ବେସରକାରୀ	ଡାଙ୍ଗର ଫସଲ-୧	୦.୦୫୦	ବାମନ ରେଡ୍ଡି, ପି- ଗୋଗୋଳ ରେଡ୍ଡି, ଗ୍ରା-ନିବଗାଁ (ଦେଶପୁର)
	ରାମୁଲା	୫୬୭୭	ବେସରକାରୀ	ସାରଦହଳ ଦୋଫସଲି-୨	୦.୦୫୦	ଶତ୍ରୁ ରେଡ୍ଡି, ଦୁଗ୍ଧା ରେଡ୍ଡି, ଗୋପାଳ ରେଡ୍ଡି, ପି- କରଣ୍ଡି ରେଡ୍ଡି, ପି-
						ଦିବ୍ୟାନାଥ ରେଡ୍ଡି, ଗ୍ରା-ନିବଗାଁ
	ରାମୁଲା	୮୦୧୩	ବେସରକାରୀ	ଡାଙ୍ଗର ଫସଲ-୨	୦.୨୦୦	ଶ୍ରୀଧାନାଥ ପଣ୍ଡା, ଭଗବାନଧର ପଣ୍ଡା, ପି-ପାଗନାନାଥ ପଣ୍ଡା, ପ୍ରଦିତାଲ
						ପଣ୍ଡା, ସ୍ୱା-ପାଗନାନାଥ ପଣ୍ଡା, ଗ୍ରା-ନିବଗାଁ (ଦେଶପୁର)
	ରାମୁଲା	୫୭୧	ବେସରକାରୀ	ସାରଦହଳ ଦୋଫସଲି-୨	୦.୦୫୦	ଶାନ୍ତାଶିବ ଷଡ୍‌ଙ୍ଗୀ, ପି-ଭଗୀରଥ ଷଡ୍‌ଙ୍ଗୀ, ହରିଶ ଷଡ୍‌ଙ୍ଗୀ,
	ରାମୁଲା	୫୭୨	ବେସରକାରୀ	ସାରଦହଳ ଦୋଫସଲି-୨	୦.୦୫୦	ସାରଦାନନ୍ଦ ଷଡ୍‌ଙ୍ଗୀ, ଚନ୍ଦ୍ରାଳ ଷଡ୍‌ଙ୍ଗୀ, ପି- ଗୋଗୋଳ ଷଡ୍‌ଙ୍ଗୀ, ପୁଷ୍ପଲତା
	ରାମୁଲା	୫୭୩	ବେସରକାରୀ	ସାରଦହଳ ଦୋଫସଲି-୨	୦.୫୨୦	ଷଡ୍‌ଙ୍ଗୀ, ମୋହିନୀ ଷଡ୍‌ଙ୍ଗୀ, ପି- ଦିବ୍ୟାଧନ ଷଡ୍‌ଙ୍ଗୀ, ପ୍ରଭା ଷଡ୍‌ଙ୍ଗୀ,
						ସ୍ୱା- ଦିବ୍ୟାଧନ ଷଡ୍‌ଙ୍ଗୀ, ପଞ୍ଚମିନ ଷଡ୍‌ଙ୍ଗୀ, ପି- ଶିବ ଷଡ୍‌ଙ୍ଗୀ,
						ଅନନ୍ତ ଷଡ୍‌ଙ୍ଗୀ, ସ୍ୱା- ଗୋପୀନାଥ ଷଡ୍‌ଙ୍ଗୀ, ଗ୍ରା-ଲଜାଗ
	ରାମୁଲା	୮୦୧୮	ବେସରକାରୀ	ଡାଙ୍ଗର ଫସଲ-୨	୦.୦୫୦	ଶତ୍ରୁଘ୍ନ ଶିଷାଳ, ପି-ଅଧୂରାନନ୍ଦ ଶିଷାଳ, ଗ୍ରା-ନିବଗାଁ
	ରାମୁଲା	୮୦୧୯	ବେସରକାରୀ	ଡାଙ୍ଗର ଫସଲ-୨	୦.୦୫୦	ଶତ୍ରୁଘ୍ନ ଶିଷାଳ, ପି-ଅଧୂରାନନ୍ଦ ଶିଷାଳ, ଗ୍ରା-ନିବଗାଁ
	ରାମୁଲା	୮୧୮୩	ବେସରକାରୀ	ସାରଦ-୨	୦.୫୨୦	ଶତ୍ରୁଘ୍ନ ସାହୁ, ପୁରୁଷୋତ୍ତମ ସାହୁ, ମୋହନ ସାହୁ, ପି- ଉଦୟ ସାହୁ,
						ଗ୍ରା- ନିବଗାଁ
	ରାମୁଲା	୫୫୮୨	ବେସରକାରୀ	ସାରଦ ହଳ ଦୋଫସଲି-୨	୦.୦୨୦	ଶରତ ସୋଠା, ପି- ବିଦେଶ ସୋଠା, କଶିଳା ସୋଠା, ସ୍ୱା-
						ବିଜାରଣ ସୋଠା, ଗ୍ରା-ନିବଗାଁ
	ରାମୁଲା	୫୫୮୩	ବେସରକାରୀ	ସାରଦ ହଳ ଦୋଫସଲି-୨	୦.୨୦୦	ଶ୍ରୀ ରାମଚନ୍ଦ୍ର ଜେଉଡ଼ି ଦିରିଜ, ଗିରିରଣି, ମାର୍ଗରି ସଂସାର ସାଇ,
	ରାମୁଲା	୫୬୬୩	ବେସରକାରୀ	ସାରଦ ହଳ ଦୋଫସଲି-୨	୦.୫୨୦	ଶ୍ୟାମଳା ଭୁଲ୍ଲା, ପି- ଦିନାଳାକ ଭୁଲ୍ଲା, ଦ୍ରିପୋଟାକ ଭୁଲ୍ଲା, ପି-
						ଦିଚାନାଳି ଭୁଲ୍ଲା, ବିଦିତନ ପାଡେକ, ଗଦାଳ ପାଡେକ, ଦିପୁ ପାଡେକ,
						ସୁଧାଳ ପାଡେକ, କାଳାସି ପାଡେକ, ପି- ବିଜା ପାଡେକ, ଶ୍ରୀଧର
						ମହାଘନାଳ, ପି- ଦିବାଳା ମହାଘନାଳ, ଗୋବା ସାହୁ, ପି- ଦିବା
						ସାହୁ, ଗ୍ରା-ନିବଗାଁ
	ରାମୁଲା	୮୦୩୩	ବେସରକାରୀ	ସାରଦ ହଳ ଦୋଫସଲି-୨	୦.୨୦୦	ଶ୍ରୀଧାନ ସାହୁ, ପି- ଗୋବିନ୍ଦ ସାହୁ, ଗ୍ରା-ନିବଗାଁ
	ରାମୁଲା	୫୬୧୦/୧୪୫୦୬	ବେସରକାରୀ	ପତିତ	୦.୦୫୦	ସୁଭଦାବନ ଦାସ, ପି- ଉଦୟ ଦାସ, ଗ୍ରା-ନିବଗାଁ
	ରାମୁଲା	୫୬୮୦	ବେସରକାରୀ	ସାରଦ-୩	୦.୦୩୦	ସୁଭଦାବନ ଦାସ, ପି- ଉଦୟ ଦାସ, ଗ୍ରା-ନିବଗାଁ
	ରାମୁଲା	୫୬୮୧	ବେସରକାରୀ	ସାରଦ-୩	୦.୦୫୦	ସୁଭଦାବନ ଦାସ, ପି- ଉଦୟ ଦାସ, ଗ୍ରା-ନିବଗାଁ
	ରାମୁଲା	୫୬୮୨	ବେସରକାରୀ	ସାରଦ ହଳ ଦୋଫସଲି-୨	୦.୦୨୦	ସୁନୁ ସୋଠା, ପି- ମିହୁ ସୋଠା, ଗ୍ରା-ନିବଗାଁ
	ରାମୁଲା	୫୬୮୩	ବେସରକାରୀ	ସାରଦ ହଳ ଦୋଫସଲି-୨	୦.୦୨୦	ସୁନୁ ସୋଠା, ପି- ମିହୁ ସୋଠା, ଗ୍ରା-ନିବଗାଁ
	ରାମୁଲା	୫୬୮୪	ବେସରକାରୀ	ସାରଦ ହଳ ଦୋଫସଲି-୨	୦.୦୫୦	ସୁନୁ ସୋଠା, ପି- ମିହୁ ସୋଠା, ଗ୍ରା-ନିବଗାଁ
	ରାମୁଲା	୫୬୮୫	ବେସରକାରୀ	ସାରଦ ହଳ ଦୋଫସଲି-୨	୦.୦୫୦	ସୁନୁ ସୋଠା, ପି- ମିହୁ ସୋଠା, ଗ୍ରା-ନିବଗାଁ
	ରାମୁଲା	୫୬୮୬	ବେସରକାରୀ	ସାରଦ ହଳ ଦୋଫସଲି-୨	୦.୦୫୦	ସୁନୁ ସାହୁ, ପି- ଦାସନ ସାହୁ, ଗ୍ରା-ନିବଗାଁ (ପୃଥକାସୀ)
	ରାମୁଲା	୫୬୦୩	ବେସରକାରୀ	ସାରଦ ହଳ ଦୋଫସଲି-୨	୦.୦୨୦	ସୁଭାସ ରେଡ୍ଡି, ପି- ଦେବାସ ରେଡ୍ଡି, ଗ୍ରା-ନିବଗାଁ (ଦେଶପୁର)
	ରାମୁଲା	୫୬୧୫	ବେସରକାରୀ	ସାରଦ ହଳ ଦୋଫସଲି-୨	୦.୦୫୦	ସୁବାନନ୍ଦ କୁମାର ରଉ, ପି- ଗୋବର୍ଦ୍ଧନ ରଉ, ଗ୍ରା-ନିବଗାଁ
						(ଦେଶପୁର)
	ରାମୁଲା	୫୬୧୬	ବେସରକାରୀ	ସାରଦ ହଳ ଦୋଫସଲି-୨	୦.୦୨୦	ସୁରେଶଦ୍ର ତ୍ରିପାଠୀ, ବଶିଷ୍ଠାଦ ତ୍ରିପାଠୀ, ପଟ୍ଟୋନାଦ ତ୍ରିପାଠୀ,
	ରାମୁଲା	୫୬୧୭	ବେସରକାରୀ	ସାରଦ ହଳ ଦୋଫସଲି-୨	୦.୦୫୦	ପି- ବିଶ୍ୱନାଥ ତ୍ରିପାଠୀ, ପୁରୁଷୋତ୍ତମ ତ୍ରିପାଠୀ, ସ୍ୱା- ବିଶ୍ୱନାଥ ତ୍ରିପାଠୀ,
						ଭାଗ୍ୟରା ତ୍ରିପାଠୀ, ପି- ଦିବ୍ୟାଗ ତ୍ରିପାଠୀ, ଗ୍ରା-ନିବଗାଁ (ଦେଶପୁର)
	ରାମୁଲା	୫୬୧୮	ବେସରକାରୀ	ସାରଦ ହଳ ଦୋଫସଲି-୨	୦.୦୫୦	ସୁରେଶ ରଉ, ଦୁର୍ଗେଶ୍ୱର ରଉ, ପ୍ରଭାସ କୁମାର ରଉ, ପି- ଦିବିହ୍ମୁ
	ରାମୁଲା	୫୬୧୯	ବେସରକାରୀ	ସାରଦ ହଳ ଦୋଫସଲି-୨	୦.୦୫୦	ଚନ୍ଦ ରଉ, ରମ୍ଭି ରଉ, ସ୍ୱା- ଉଦୟାନ ରଉ, ଶ୍ରୀନିବାସ ରଉ, ପି-
	ରାମୁଲା	୫୬୨୦	ବେସରକାରୀ	ସାରଦ ହଳ ଦୋଫସଲି-୨	୦.୦୫୦	ଯୋଗମାନାଦ ରଉ, କାଳାମି ରଉ, ପି- ଚନ୍ଦନିମ୍ବ ରଉ, ଭାବାଣାବାସ
						ରଉ, ପି- ଦୁର୍ଗିନ ରଉ, ଜାଗଦଲି ଦାଶ ରଉ, ପି- ମହେଶ୍ୱର ରଉ,
						ଗ୍ରା- ଭୁବନେଶ୍ୱର, ଗ୍ରା- ସଲିଷାଳକ ଲଜାଗ
	ରାମୁଲା	୮୦୨୬	ବେସରକାରୀ	ଅନ୍ୟ	୦.୦୫୦	ଶ୍ରୀରଙ୍ଗ ଦତ୍ତ ସାହୁ, ପି- ଦୁର୍ଗିଲେବ ସାହୁ, ବିଦାବାଦମ ସାହୁ,
	ରାମୁଲା	୮୦୨୭	ବେସରକାରୀ	ଅନ୍ୟ	୦.୦୫୦	ସ୍ୱା- ଦୁର୍ଗିଲେଜ ସାହୁ, କୁଷ୍ଣ ସାହୁ, ମଧୁ ସାହୁ, ପି- ଦାପାଣ
	ରାମୁଲା	୮୦୨୮	ବେସରକାରୀ	ଅନ୍ୟ	୦.୦୫୦	ସାହୁ, ଗରିଶି ସାହୁ, ପି- ପଠାଣି ସାହୁ, ଦୁର୍ଯ୍ୟାଧନ ସାହୁ, ପି-ପଠାଣି
	ରାମୁଲା	୮୦୨୯	ବେସରକାରୀ	ଜଙ୍ଗଲ-୩	୦.୫୩୦	ପଠାଣି ସାହୁ, ଅଭିକଟିକ ସାହୁ, ପି- ଗୋବିନ୍ଦ ସାହୁ, ଉଦାଳକ ସାହୁ,
						ପି- ଦିବ୍ୟଶ ଦାସ, ପଣ୍ଡା ସାହୁ, ଗ୍ରା- ନାମାଳାଶ୍ୱର ସାହୁ, ଦିଶ୍ୱନି ସାହୁ,
						ଦୁର୍ଗେଶ୍ୱ ସାହୁ, ଗୋପାଳ ସାହୁ, ପି- ଦାସିଳୁ ସାହୁ, ଜୟନ୍ତ ସାହୁ,
						ନରେନ୍ଦ୍ର ସାହୁ, ପି- ପୁରୁଷୋତ୍ତମ ସାହୁ, ପଠାଣି ସାହୁ, ପି- ଗୋପାଳ
						ସାହୁ, ଗ୍ରା- ନିବଗାଁ
	ରାମୁଲା	୮୦୩୪	ବେସରକାରୀ	ସାରଦ ହଳ ଦୋଫସଲି-୨	୦.୦୫୦	ହରି ସୋଠା, ଅର୍ଜୁନ ସୋଠା, ଶ୍ରୀମା ସୋଠା, ପି- ଦୁର୍ଗିଳା ସୋଠା,
						ସ୍ୱା- ଦୁର୍ଗାଲ ସୋଠା, ଗ୍ରା-ନିବଗାଁ
	ରାମୁଲା	୫୬୨୫	ବେସରକାରୀ	ସାରଦ ହଳ ଦୋଫସଲି-୨	୦.୦୫୦	ହରି ବେହେରା, ପି- ବାଞ୍ଚା ବେହେରା, ଚାନ୍ଦୁ ବେହେରା, ଗ୍ରା-
	ରାମୁଲା	୫୬୨୬	ବେସରକାରୀ	ସାରଦ ହଳ ଦୋଫସଲି-୨	୦.୦୫୦	ବେହେରା, ପି- ହରିଣ ବେହେରା, କୁଷ୍ଣ ବେହେରା, ପି- ପାରାନ ବେହେରା, ସ୍ୱା- ସୁଦାଳ ବେହେରା, ଗ୍ରା-ନିବଗାଁ
(See Next Page)
